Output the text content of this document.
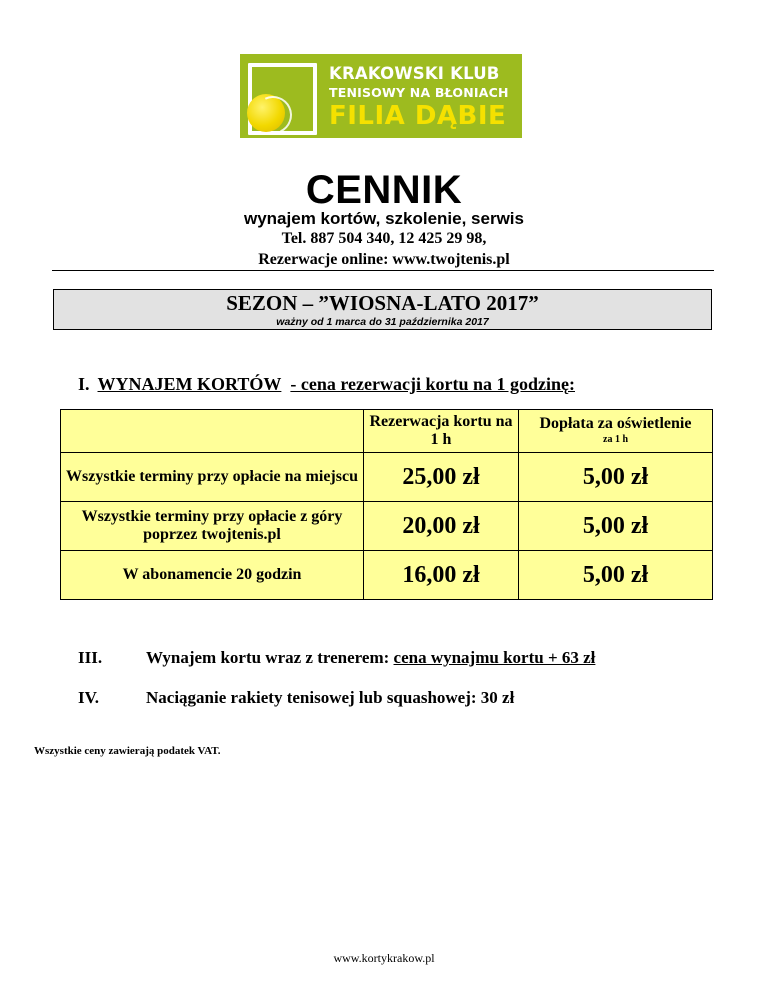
KRAKOWSKI KLUB
TENISOWY NA BŁONIACH
FILIA DĄBIE
CENNIK
wynajem kortów, szkolenie, serwis
Tel. 887 504 340, 12 425 29 98,
Rezerwacje online: www.twojtenis.pl
SEZON – ”WIOSNA-LATO 2017”
ważny od 1 marca do 31 października 2017
I. WYNAJEM KORTÓW - cena rezerwacji kortu na 1 godzinę:
	Rezerwacja kortu na 1 h	Dopłata za oświetlenie
za 1 h

Wszystkie terminy przy opłacie na miejscu	25,00 zł	5,00 zł
Wszystkie terminy przy opłacie z góry poprzez twojtenis.pl	20,00 zł	5,00 zł
W abonamencie 20 godzin	16,00 zł	5,00 zł
III.	Wynajem kortu wraz z trenerem: cena wynajmu kortu + 63 zł
IV.	Naciąganie rakiety tenisowej lub squashowej: 30 zł
Wszystkie ceny zawierają podatek VAT.
www.kortykrakow.pl
